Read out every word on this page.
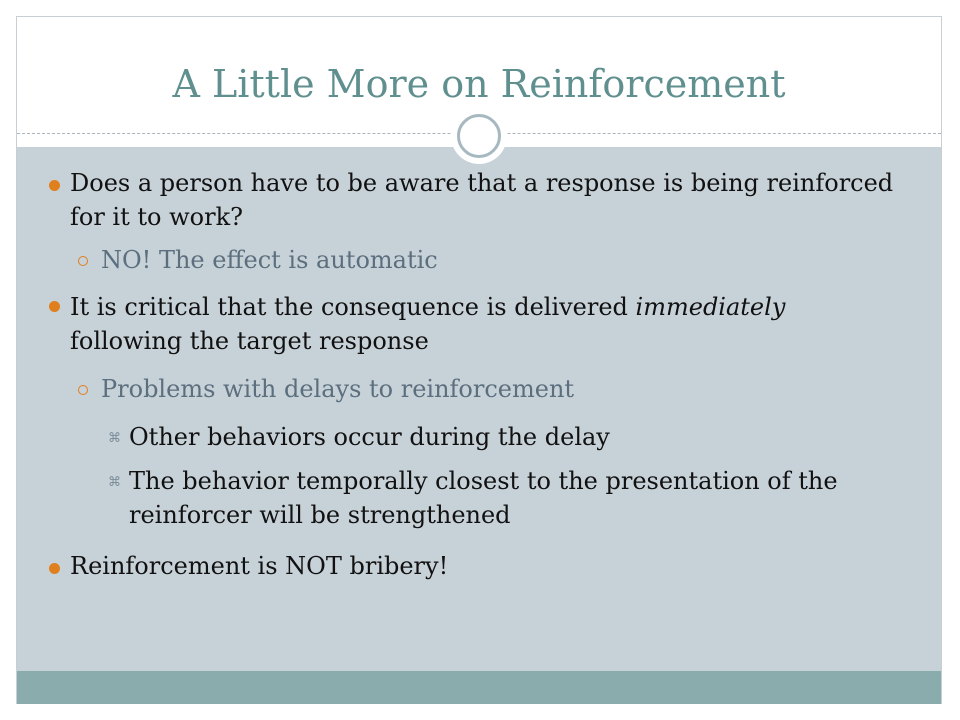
A Little More on Reinforcement
Does a person have to be aware that a response is being reinforced for it to work?
NO! The effect is automatic
It is critical that the consequence is delivered immediately following the target response
Problems with delays to reinforcement
⌘ Other behaviors occur during the delay
⌘ The behavior temporally closest to the presentation of the reinforcer will be strengthened
Reinforcement is NOT bribery!
